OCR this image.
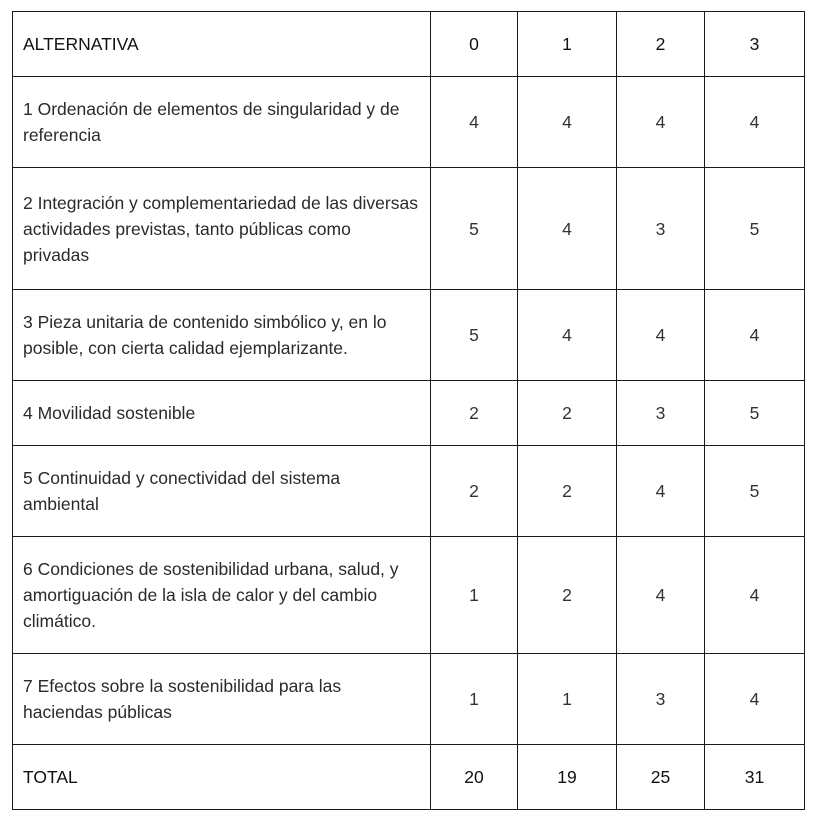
ALTERNATIVA	0	1	2	3
1 Ordenación de elementos de singularidad y de referencia	4	4	4	4
2 Integración y complementariedad de las diversas actividades previstas, tanto públicas como privadas	5	4	3	5
3 Pieza unitaria de contenido simbólico y, en lo posible, con cierta calidad ejemplarizante.	5	4	4	4
4 Movilidad sostenible	2	2	3	5
5 Continuidad y conectividad del sistema ambiental	2	2	4	5
6 Condiciones de sostenibilidad urbana, salud, y amortiguación de la isla de calor y del cambio climático.	1	2	4	4
7 Efectos sobre la sostenibilidad para las haciendas públicas	1	1	3	4
TOTAL	20	19	25	31
